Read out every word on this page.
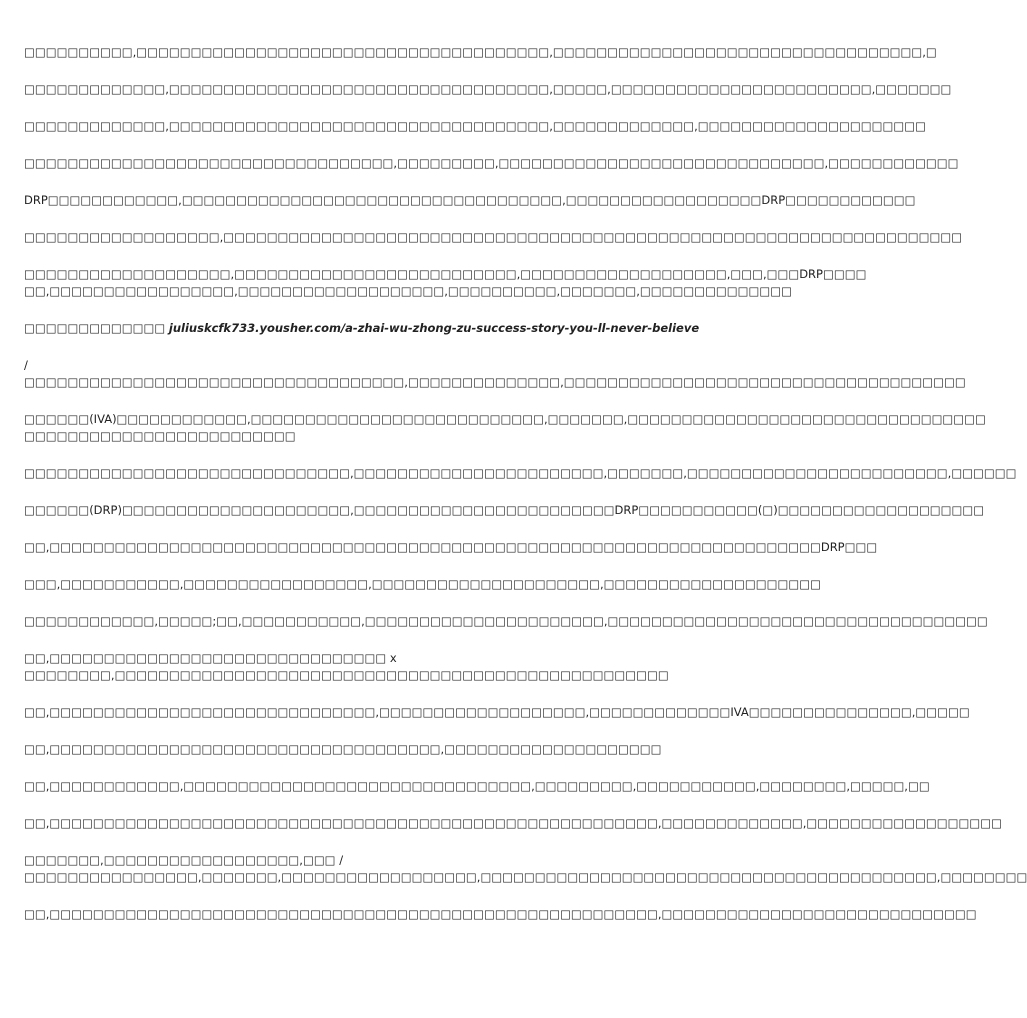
□□□□□□□□□□,□□□□□□□□□□□□□□□□□□□□□□□□□□□□□□□□□□□□□□,□□□□□□□□□□□□□□□□□□□□□□□□□□□□□□□□□□,□

□□□□□□□□□□□□□,□□□□□□□□□□□□□□□□□□□□□□□□□□□□□□□□□□□,□□□□□,□□□□□□□□□□□□□□□□□□□□□□□□,□□□□□□□

□□□□□□□□□□□□□,□□□□□□□□□□□□□□□□□□□□□□□□□□□□□□□□□□□,□□□□□□□□□□□□□,□□□□□□□□□□□□□□□□□□□□□

□□□□□□□□□□□□□□□□□□□□□□□□□□□□□□□□□□,□□□□□□□□□,□□□□□□□□□□□□□□□□□□□□□□□□□□□□□□,□□□□□□□□□□□□

DRP□□□□□□□□□□□□,□□□□□□□□□□□□□□□□□□□□□□□□□□□□□□□□□□□,□□□□□□□□□□□□□□□□□□DRP□□□□□□□□□□□□

□□□□□□□□□□□□□□□□□□,□□□□□□□□□□□□□□□□□□□□□□□□□□□□□□□□□□□□□□□□□□□□□□□□□□□□□□□□□□□□□□□□□□□□

□□□□□□□□□□□□□□□□□□□,□□□□□□□□□□□□□□□□□□□□□□□□□□,□□□□□□□□□□□□□□□□□□□,□□□,□□□DRP□□□□
□□,□□□□□□□□□□□□□□□□□,□□□□□□□□□□□□□□□□□□□,□□□□□□□□□□,□□□□□□□,□□□□□□□□□□□□□□

□□□□□□□□□□□□□ juliuskcfk733.yousher.com/a-zhai-wu-zhong-zu-success-story-you-ll-never-believe

/
□□□□□□□□□□□□□□□□□□□□□□□□□□□□□□□□□□□,□□□□□□□□□□□□□□,□□□□□□□□□□□□□□□□□□□□□□□□□□□□□□□□□□□□□

□□□□□□(IVA)□□□□□□□□□□□□,□□□□□□□□□□□□□□□□□□□□□□□□□□□,□□□□□□□,□□□□□□□□□□□□□□□□□□□□□□□□□□□□□□□□□
□□□□□□□□□□□□□□□□□□□□□□□□□

□□□□□□□□□□□□□□□□□□□□□□□□□□□□□□,□□□□□□□□□□□□□□□□□□□□□□□,□□□□□□□,□□□□□□□□□□□□□□□□□□□□□□□□,□□□□□□

□□□□□□(DRP)□□□□□□□□□□□□□□□□□□□□□,□□□□□□□□□□□□□□□□□□□□□□□□DRP□□□□□□□□□□□(□)□□□□□□□□□□□□□□□□□□□

□□,□□□□□□□□□□□□□□□□□□□□□□□□□□□□□□□□□□□□□□□□□□□□□□□□□□□□□□□□□□□□□□□□□□□□□□□DRP□□□

□□□,□□□□□□□□□□□,□□□□□□□□□□□□□□□□□,□□□□□□□□□□□□□□□□□□□□□,□□□□□□□□□□□□□□□□□□□□

□□□□□□□□□□□□,□□□□□;□□,□□□□□□□□□□□,□□□□□□□□□□□□□□□□□□□□□□,□□□□□□□□□□□□□□□□□□□□□□□□□□□□□□□□□□□

□□,□□□□□□□□□□□□□□□□□□□□□□□□□□□□□□□ x
□□□□□□□□,□□□□□□□□□□□□□□□□□□□□□□□□□□□□□□□□□□□□□□□□□□□□□□□□□□□

□□,□□□□□□□□□□□□□□□□□□□□□□□□□□□□□□,□□□□□□□□□□□□□□□□□□□,□□□□□□□□□□□□□IVA□□□□□□□□□□□□□□□,□□□□□

□□,□□□□□□□□□□□□□□□□□□□□□□□□□□□□□□□□□□□□,□□□□□□□□□□□□□□□□□□□□

□□,□□□□□□□□□□□□,□□□□□□□□□□□□□□□□□□□□□□□□□□□□□□□□,□□□□□□□□□,□□□□□□□□□□□,□□□□□□□□,□□□□□,□□

□□,□□□□□□□□□□□□□□□□□□□□□□□□□□□□□□□□□□□□□□□□□□□□□□□□□□□□□□□□,□□□□□□□□□□□□□,□□□□□□□□□□□□□□□□□□

□□□□□□□,□□□□□□□□□□□□□□□□□□,□□□ /
□□□□□□□□□□□□□□□□,□□□□□□□,□□□□□□□□□□□□□□□□□□,□□□□□□□□□□□□□□□□□□□□□□□□□□□□□□□□□□□□□□□□□□,□□□□□□□□

□□,□□□□□□□□□□□□□□□□□□□□□□□□□□□□□□□□□□□□□□□□□□□□□□□□□□□□□□□□,□□□□□□□□□□□□□□□□□□□□□□□□□□□□□
